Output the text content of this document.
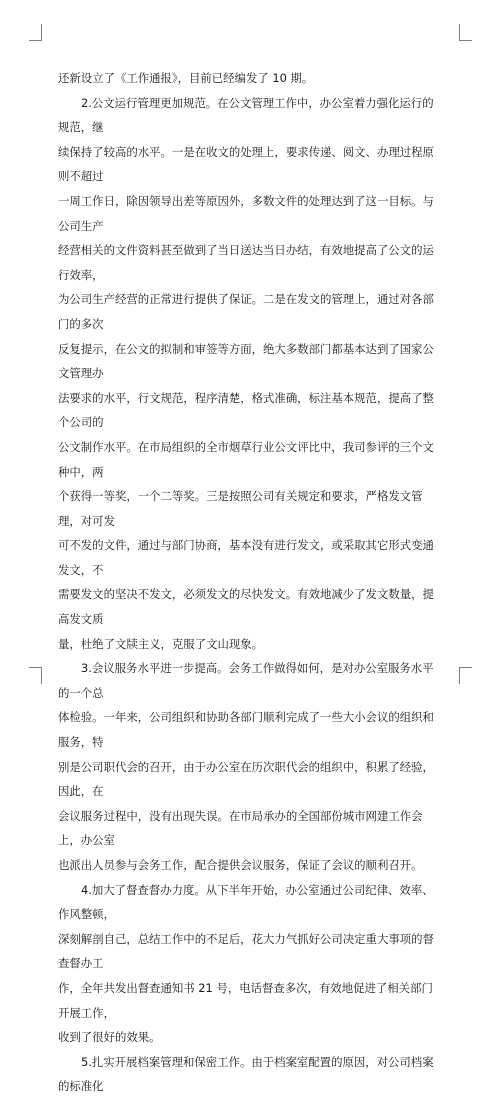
还新设立了《工作通报》，目前已经编发了 10 期。

2.公文运行管理更加规范。在公文管理工作中，办公室着力强化运行的规范，继

续保持了较高的水平。一是在收文的处理上，要求传递、阅文、办理过程原则不超过

一周工作日，除因领导出差等原因外，多数文件的处理达到了这一目标。与公司生产

经营相关的文件资料甚至做到了当日送达当日办结，有效地提高了公文的运行效率，

为公司生产经营的正常进行提供了保证。二是在发文的管理上，通过对各部门的多次

反复提示，在公文的拟制和审签等方面，绝大多数部门都基本达到了国家公文管理办

法要求的水平，行文规范，程序清楚，格式准确，标注基本规范，提高了整个公司的

公文制作水平。在市局组织的全市烟草行业公文评比中，我司参评的三个文种中，两

个获得一等奖，一个二等奖。三是按照公司有关规定和要求，严格发文管理，对可发

可不发的文件，通过与部门协商，基本没有进行发文，或采取其它形式变通发文，不

需要发文的坚决不发文，必须发文的尽快发文。有效地减少了发文数量，提高发文质

量，杜绝了文牍主义，克服了文山现象。

3.会议服务水平进一步提高。会务工作做得如何，是对办公室服务水平的一个总

体检验。一年来，公司组织和协助各部门顺利完成了一些大小会议的组织和服务，特

别是公司职代会的召开，由于办公室在历次职代会的组织中，积累了经验，因此，在

会议服务过程中，没有出现失误。在市局承办的全国部份城市网建工作会上，办公室

也派出人员参与会务工作，配合提供会议服务，保证了会议的顺利召开。

4.加大了督查督办力度。从下半年开始，办公室通过公司纪律、效率、作风整顿，

深刻解剖自己，总结工作中的不足后，花大力气抓好公司决定重大事项的督查督办工

作，全年共发出督查通知书 21 号，电话督查多次，有效地促进了相关部门开展工作，

收到了很好的效果。

5.扎实开展档案管理和保密工作。由于档案室配置的原因，对公司档案的标准化
